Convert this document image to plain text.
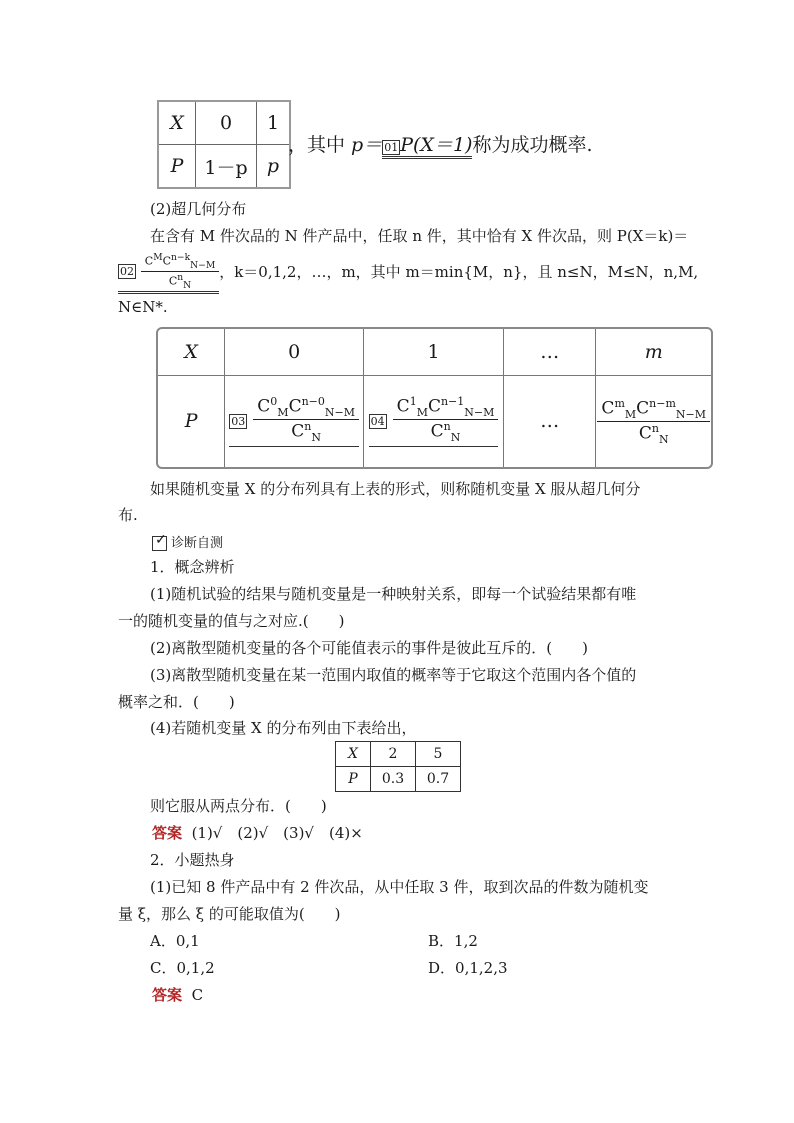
X	0	1
P	1－p	p
，其中 p＝ 01 P(X＝1)称为成功概率.
(2)超几何分布
在含有 M 件次品的 N 件产品中，任取 n 件，其中恰有 X 件次品，则 P(X＝k)＝
$02 \frac{C^MC^{n-k}_{N-M}}{C^n_N}$ ，k＝0,1,2，…，m，其中 m＝min{M，n}，且 n≤N，M≤N，n,M,
N∈N*.
X	0	1	…	m
P	$03 \frac{C^0_MC^{n-0}_{N-M}}{C^n_N}$	$04 \frac{C^1_MC^{n-1}_{N-M}}{C^n_N}$	…	$\frac{C^m_MC^{n-m}_{N-M}}{C^n_N}$
如果随机变量 X 的分布列具有上表的形式，则称随机变量 X 服从超几何分
布.
✓ 诊断自测
1．概念辨析
(1)随机试验的结果与随机变量是一种映射关系，即每一个试验结果都有唯
一的随机变量的值与之对应.(　　)
(2)离散型随机变量的各个可能值表示的事件是彼此互斥的．(　　)
(3)离散型随机变量在某一范围内取值的概率等于它取这个范围内各个值的
概率之和．(　　)
(4)若随机变量 X 的分布列由下表给出，
X	2	5
P	0.3	0.7
则它服从两点分布．(　　)
答案 (1)√　(2)√　(3)√　(4)×
2．小题热身
(1)已知 8 件产品中有 2 件次品，从中任取 3 件，取到次品的件数为随机变
量 ξ，那么 ξ 的可能取值为(　　)
A．0,1	B．1,2
C．0,1,2	D．0,1,2,3
答案 C
